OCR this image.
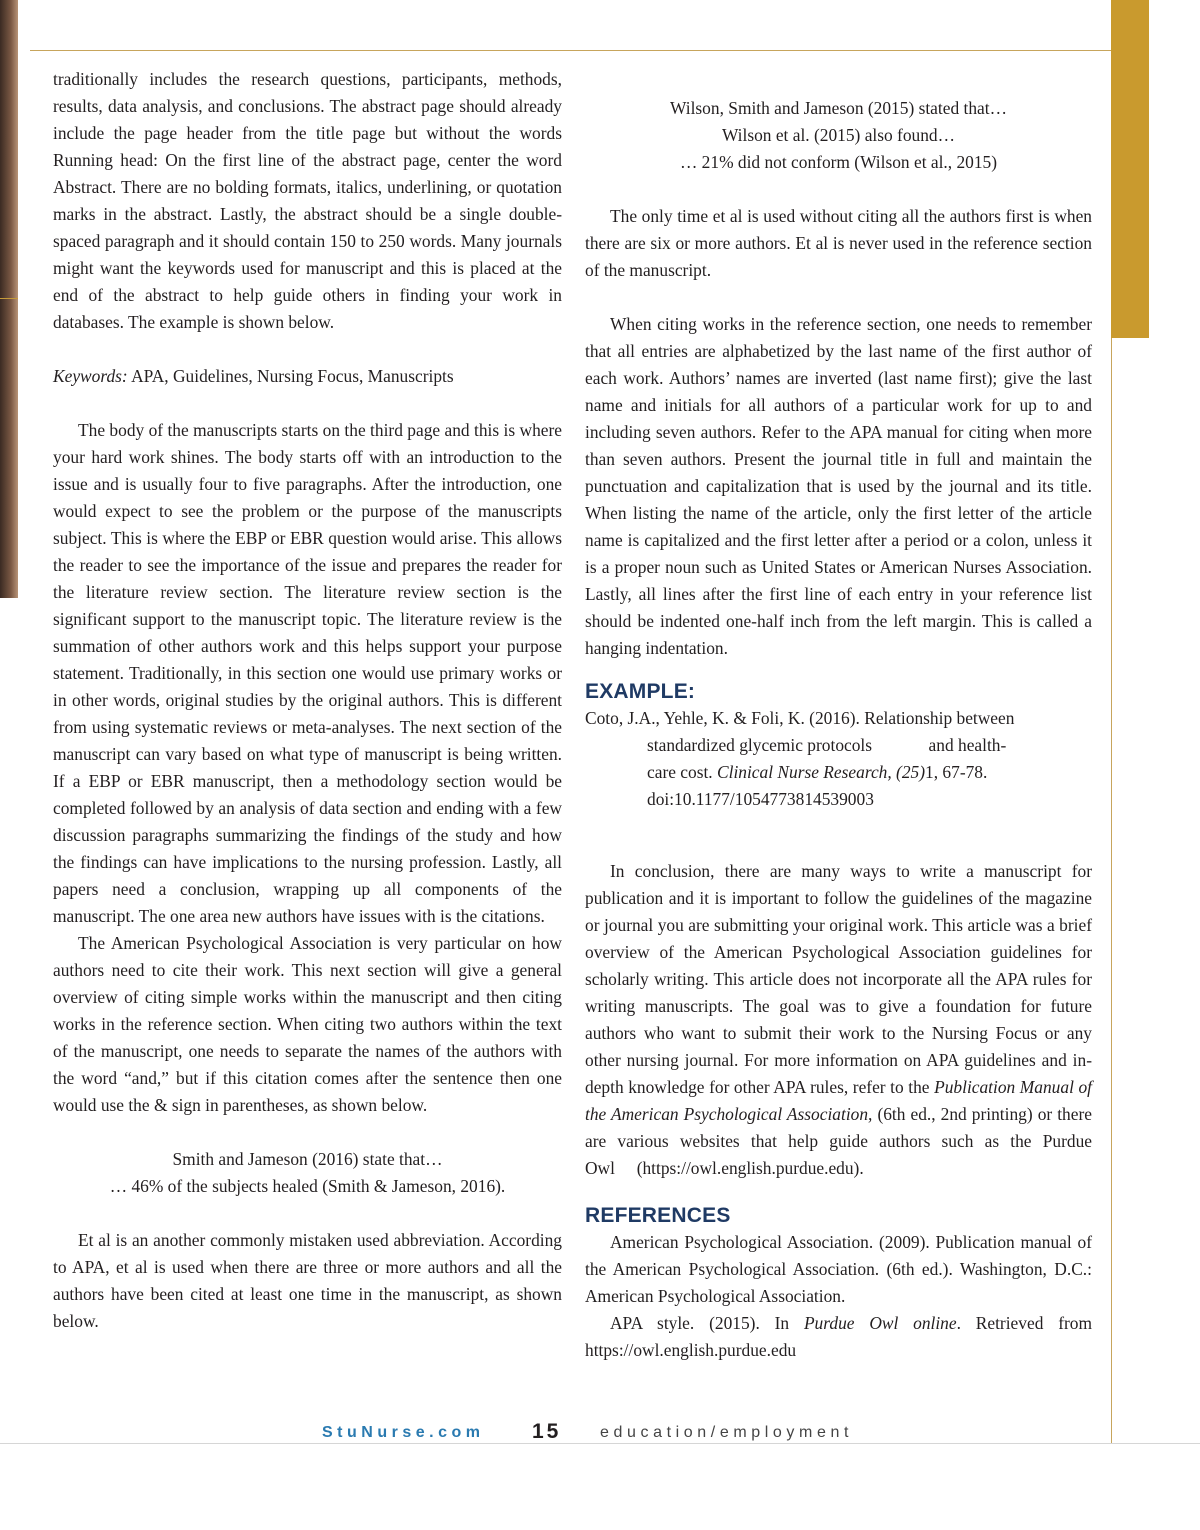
traditionally includes the research questions, participants, methods, results, data analysis, and conclusions. The abstract page should already include the page header from the title page but without the words Running head: On the first line of the abstract page, center the word Abstract. There are no bolding formats, italics, underlining, or quotation marks in the abstract. Lastly, the abstract should be a single double-spaced paragraph and it should contain 150 to 250 words. Many journals might want the keywords used for manuscript and this is placed at the end of the abstract to help guide others in finding your work in databases. The example is shown below.

Keywords: APA, Guidelines, Nursing Focus, Manuscripts

The body of the manuscripts starts on the third page and this is where your hard work shines. The body starts off with an introduction to the issue and is usually four to five paragraphs. After the introduction, one would expect to see the problem or the purpose of the manuscripts subject. This is where the EBP or EBR question would arise. This allows the reader to see the importance of the issue and prepares the reader for the literature review section. The literature review section is the significant support to the manuscript topic. The literature review is the summation of other authors work and this helps support your purpose statement. Traditionally, in this section one would use primary works or in other words, original studies by the original authors. This is different from using systematic reviews or meta-analyses. The next section of the manuscript can vary based on what type of manuscript is being written. If a EBP or EBR manuscript, then a methodology section would be completed followed by an analysis of data section and ending with a few discussion paragraphs summarizing the findings of the study and how the findings can have implications to the nursing profession. Lastly, all papers need a conclusion, wrapping up all components of the manuscript. The one area new authors have issues with is the citations.

The American Psychological Association is very particular on how authors need to cite their work. This next section will give a general overview of citing simple works within the manuscript and then citing works in the reference section. When citing two authors within the text of the manuscript, one needs to separate the names of the authors with the word “and,” but if this citation comes after the sentence then one would use the & sign in parentheses, as shown below.

Smith and Jameson (2016) state that…

… 46% of the subjects healed (Smith & Jameson, 2016).

Et al is an another commonly mistaken used abbreviation. According to APA, et al is used when there are three or more authors and all the authors have been cited at least one time in the manuscript, as shown below.

Wilson, Smith and Jameson (2015) stated that…

Wilson et al. (2015) also found…

… 21% did not conform (Wilson et al., 2015)

The only time et al is used without citing all the authors first is when there are six or more authors. Et al is never used in the reference section of the manuscript.

When citing works in the reference section, one needs to remember that all entries are alphabetized by the last name of the first author of each work. Authors’ names are inverted (last name first); give the last name and initials for all authors of a particular work for up to and including seven authors. Refer to the APA manual for citing when more than seven authors. Present the journal title in full and maintain the punctuation and capitalization that is used by the journal and its title. When listing the name of the article, only the first letter of the article name is capitalized and the first letter after a period or a colon, unless it is a proper noun such as United States or American Nurses Association. Lastly, all lines after the first line of each entry in your reference list should be indented one-half inch from the left margin. This is called a hanging indentation.

EXAMPLE:

Coto, J.A., Yehle, K. & Foli, K. (2016). Relationship between

standardized glycemic protocols             and health-

care cost. Clinical Nurse Research, (25)1, 67-78.

doi:10.1177/1054773814539003

In conclusion, there are many ways to write a manuscript for publication and it is important to follow the guidelines of the magazine or journal you are submitting your original work. This article was a brief overview of the American Psychological Association guidelines for scholarly writing. This article does not incorporate all the APA rules for writing manuscripts. The goal was to give a foundation for future authors who want to submit their work to the Nursing Focus or any other nursing journal. For more information on APA guidelines and in-depth knowledge for other APA rules, refer to the Publication Manual of the American Psychological Association, (6th ed., 2nd printing) or there are various websites that help guide authors such as the Purdue Owl     (https://owl.english.purdue.edu).

REFERENCES

American Psychological Association. (2009). Publication manual of the American Psychological Association. (6th ed.). Washington, D.C.: American Psychological Association.

APA style. (2015). In Purdue Owl online. Retrieved from https://owl.english.purdue.edu

StuNurse.com 15 education/employment
